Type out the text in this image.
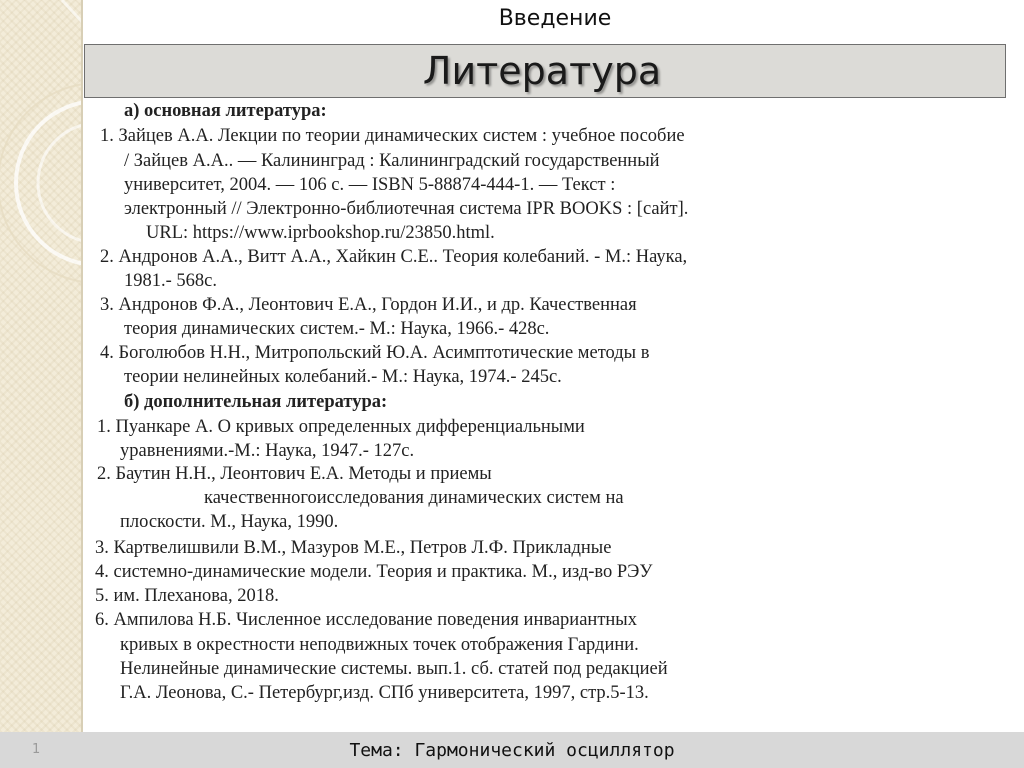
Введение
Литература
а) основная литература:
1. Зайцев А.А. Лекции по теории динамических систем : учебное пособие
/ Зайцев А.А.. — Калининград : Калининградский государственный
университет, 2004. — 106 с. — ISBN 5-88874-444-1. — Текст :
электронный // Электронно-библиотечная система IPR BOOKS : [сайт].
URL: https://www.iprbookshop.ru/23850.html.
2. Андронов А.А., Витт А.А., Хайкин С.Е.. Теория колебаний. - М.: Наука,
1981.- 568с.
3. Андронов Ф.А., Леонтович Е.А., Гордон И.И., и др. Качественная
теория динамических систем.- М.: Наука, 1966.- 428с.
4. Боголюбов Н.Н., Митропольский Ю.А. Асимптотические методы в
теории нелинейных колебаний.- М.: Наука, 1974.- 245с.
б) дополнительная литература:
1. Пуанкаре А. О кривых определенных дифференциальными
уравнениями.-М.: Наука, 1947.- 127с.
2. Баутин Н.Н., Леонтович Е.А. Методы и приемы
качественногоисследования динамических систем на
плоскости. М., Наука, 1990.
3. Картвелишвили В.М., Мазуров М.Е., Петров Л.Ф. Прикладные
4. системно-динамические модели. Теория и практика. М., изд-во РЭУ
5. им. Плеханова, 2018.
6. Ампилова Н.Б. Численное исследование поведения инвариантных
кривых в окрестности неподвижных точек отображения Гардини.
Нелинейные динамические системы. вып.1. сб. статей под редакцией
Г.А. Леонова, С.- Петербург,изд. СПб университета, 1997, стр.5-13.
1	Тема: Гармонический осциллятор
